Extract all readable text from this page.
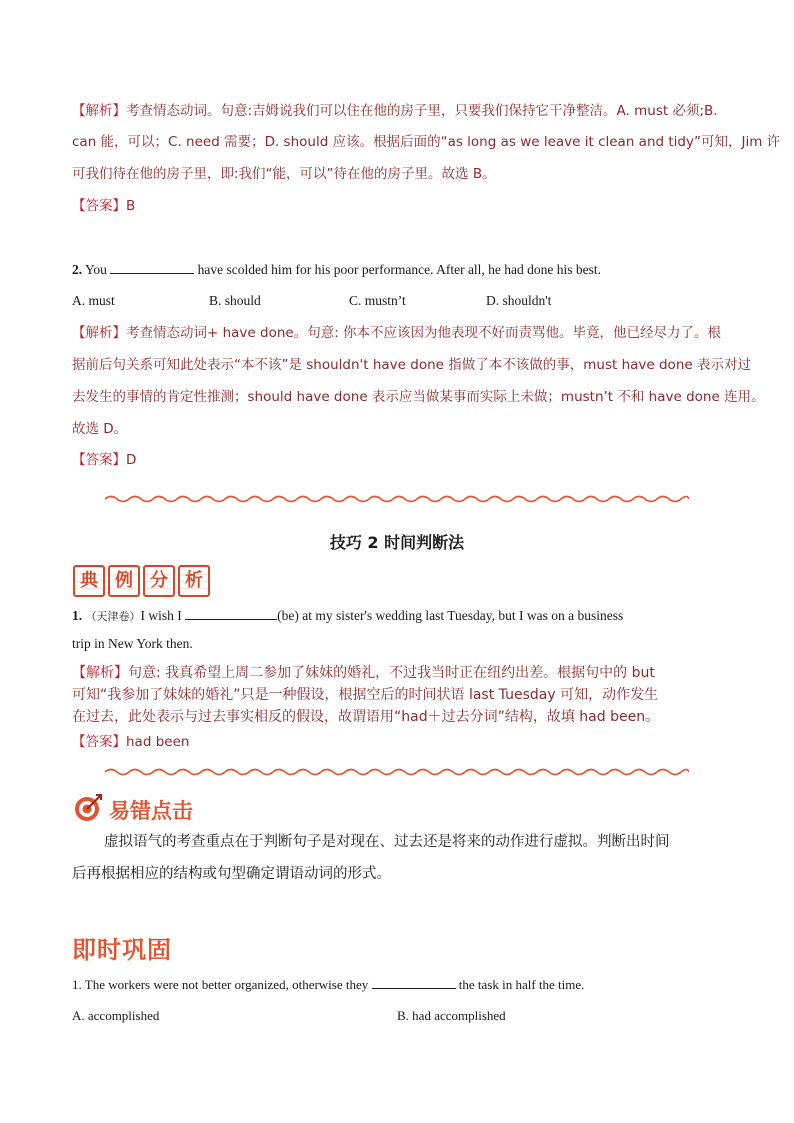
【解析】考查情态动词。句意:吉姆说我们可以住在他的房子里，只要我们保持它干净整洁。A. must 必须;B.
can 能，可以；C. need 需要；D. should 应该。根据后面的“as long as we leave it clean and tidy”可知，Jim 许
可我们待在他的房子里，即:我们“能，可以”待在他的房子里。故选 B。
【答案】B
2. You	have scolded him for his poor performance. After all, he had done his best.
A. must	B. should	C. mustn’t	D. shouldn't
【解析】考查情态动词+ have done。句意: 你本不应该因为他表现不好而责骂他。毕竟，他已经尽力了。根
据前后句关系可知此处表示“本不该”是 shouldn't have done 指做了本不该做的事，must have done 表示对过
去发生的事情的肯定性推测；should have done 表示应当做某事而实际上未做；mustn’t 不和 have done 连用。
故选 D。
【答案】D
技巧 2 时间判断法
典 例 分 析
1. （天津卷）I wish I	(be) at my sister's wedding last Tuesday, but I was on a business
trip in New York then.
【解析】句意: 我真希望上周二参加了妹妹的婚礼，不过我当时正在纽约出差。根据句中的 but
可知“我参加了妹妹的婚礼”只是一种假设，根据空后的时间状语 last Tuesday 可知，动作发生
在过去，此处表示与过去事实相反的假设，故谓语用“had＋过去分词”结构，故填 had been。
【答案】had been
易错点击
虚拟语气的考查重点在于判断句子是对现在、过去还是将来的动作进行虚拟。判断出时间
后再根据相应的结构或句型确定谓语动词的形式。
即时巩固
1. The workers were not better organized, otherwise they	the task in half the time.
A. accomplished	B. had accomplished
